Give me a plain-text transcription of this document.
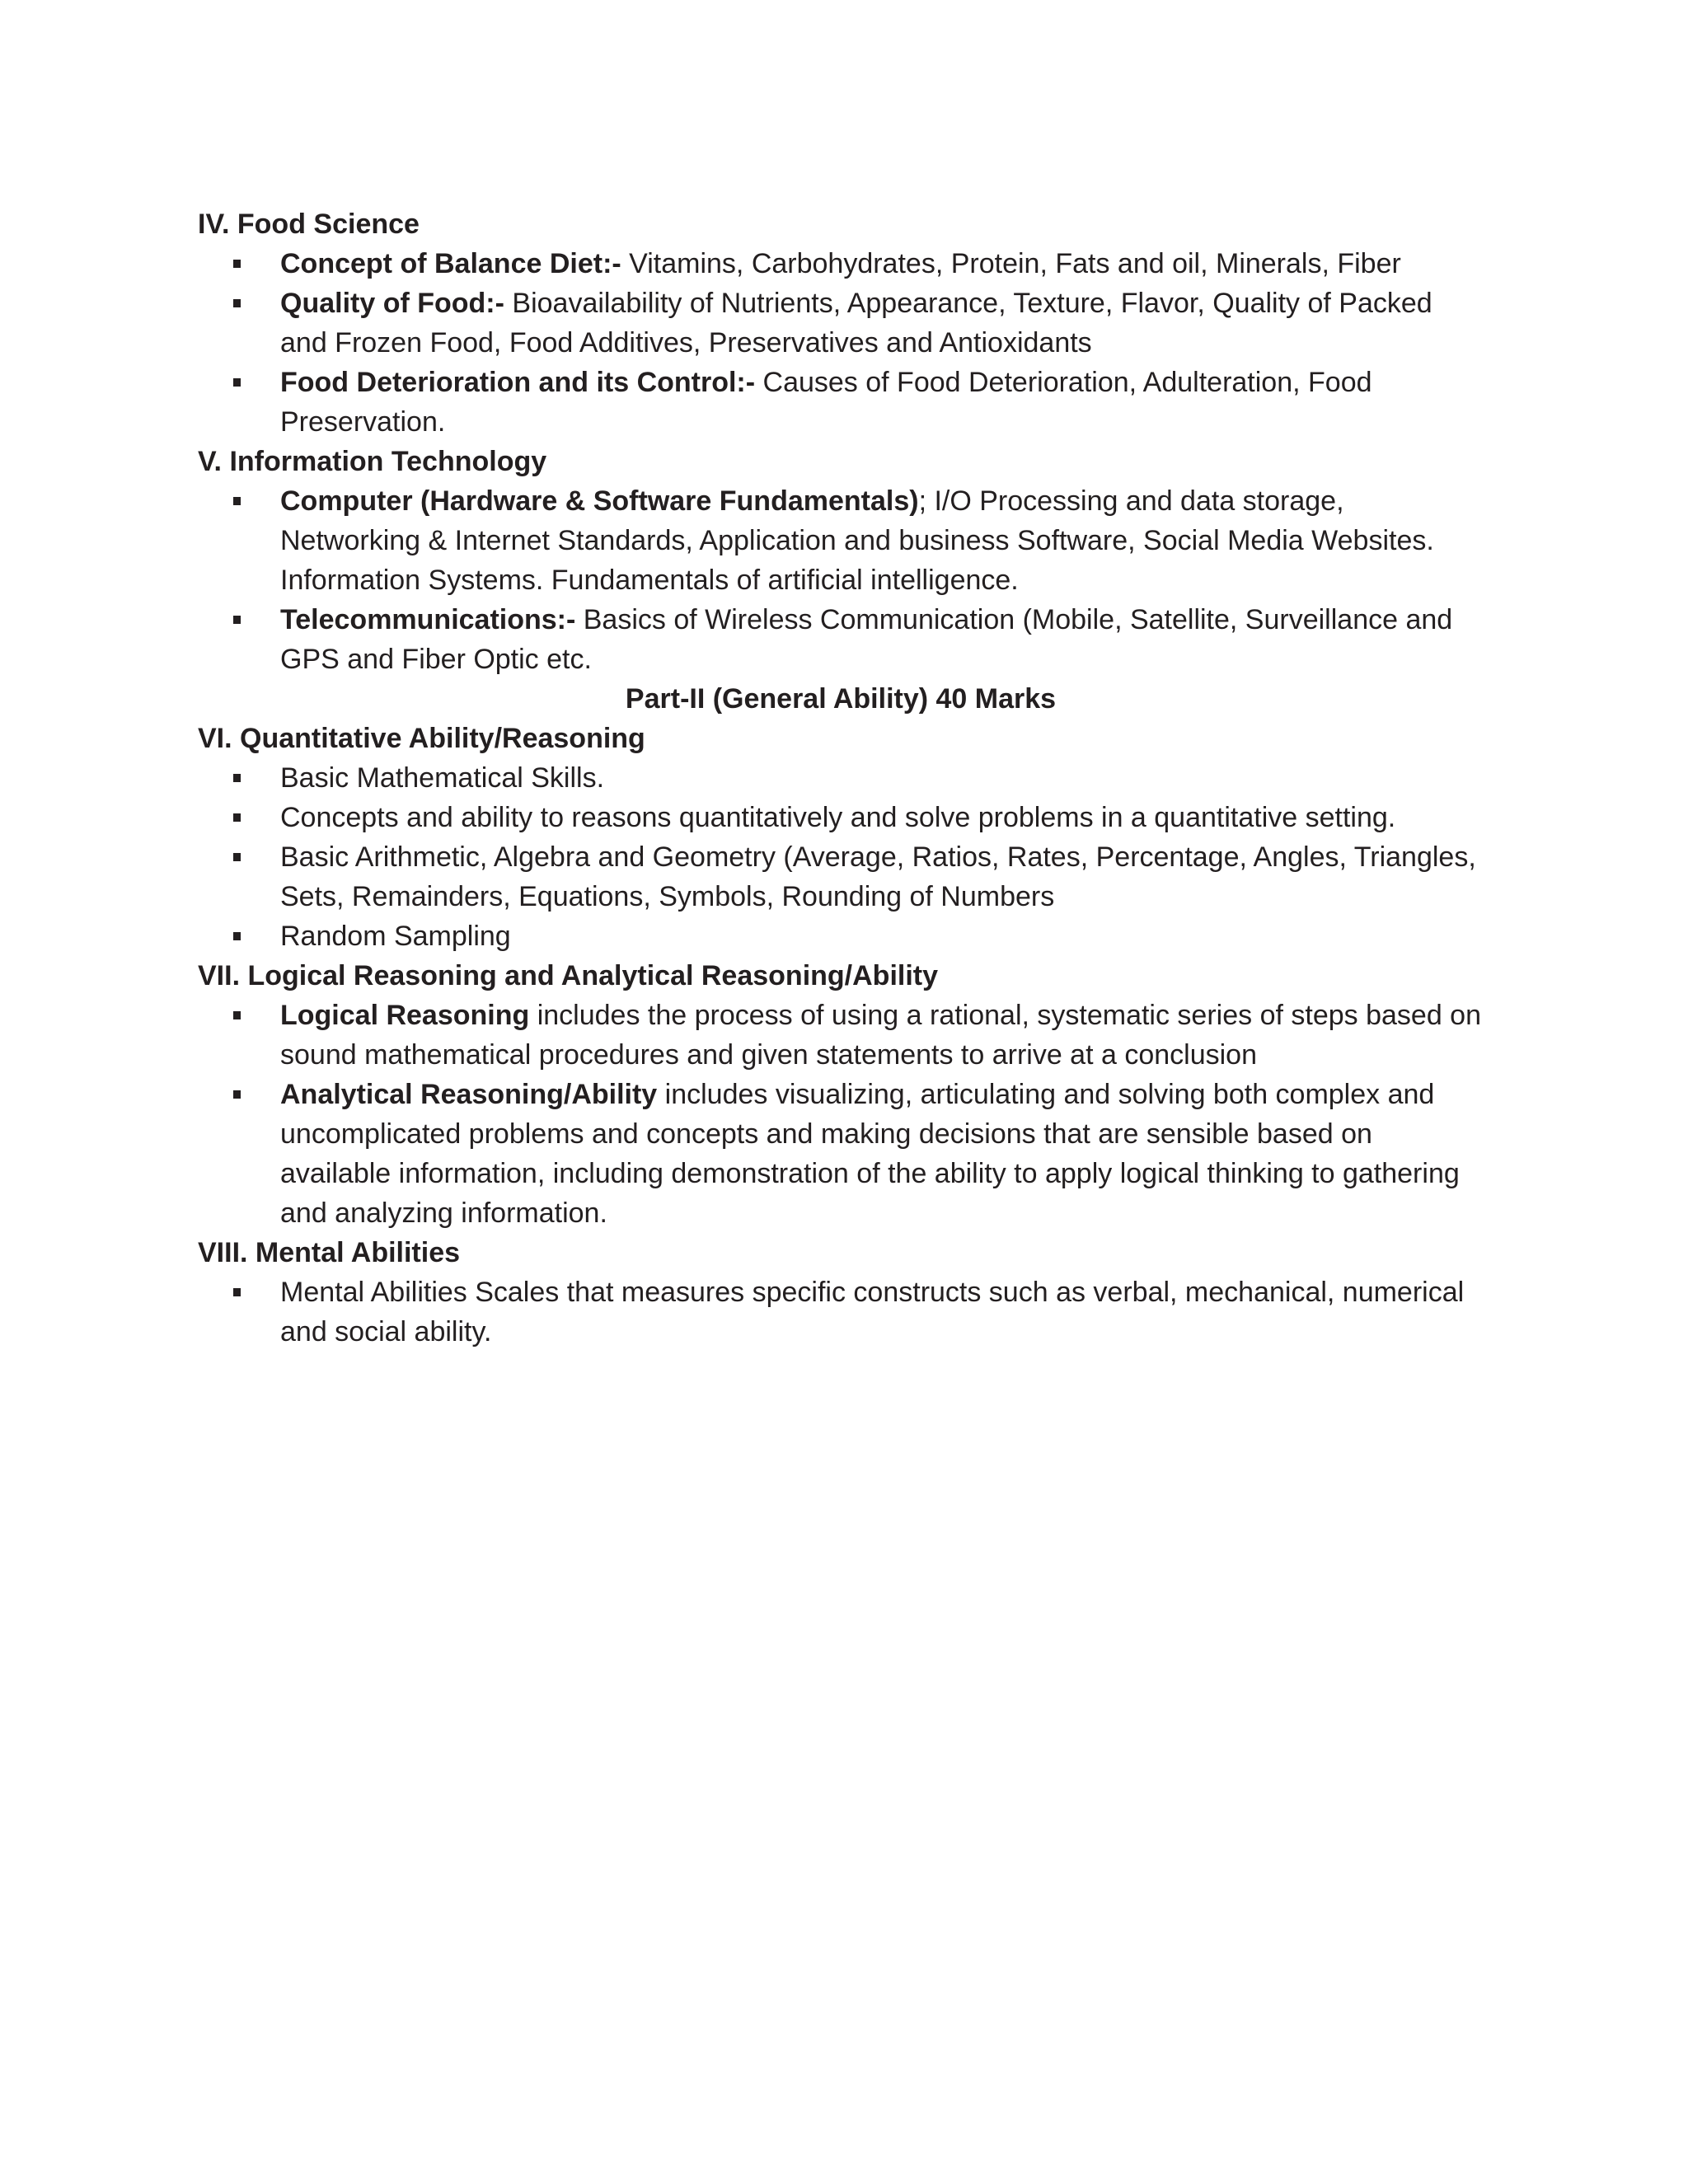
IV. Food Science

Concept of Balance Diet:- Vitamins, Carbohydrates, Protein, Fats and oil, Minerals, Fiber
Quality of Food:- Bioavailability of Nutrients, Appearance, Texture, Flavor, Quality of Packed and Frozen Food, Food Additives, Preservatives and Antioxidants
Food Deterioration and its Control:- Causes of Food Deterioration, Adulteration, Food Preservation.

V. Information Technology

Computer (Hardware & Software Fundamentals); I/O Processing and data storage, Networking & Internet Standards, Application and business Software, Social Media Websites. Information Systems. Fundamentals of artificial intelligence.
Telecommunications:- Basics of Wireless Communication (Mobile, Satellite, Surveillance and GPS and Fiber Optic etc.

Part-II (General Ability) 40 Marks

VI. Quantitative Ability/Reasoning

Basic Mathematical Skills.
Concepts and ability to reasons quantitatively and solve problems in a quantitative setting.
Basic Arithmetic, Algebra and Geometry (Average, Ratios, Rates, Percentage, Angles, Triangles, Sets, Remainders, Equations, Symbols, Rounding of Numbers
Random Sampling

VII. Logical Reasoning and Analytical Reasoning/Ability

Logical Reasoning includes the process of using a rational, systematic series of steps based on sound mathematical procedures and given statements to arrive at a conclusion
Analytical Reasoning/Ability includes visualizing, articulating and solving both complex and uncomplicated problems and concepts and making decisions that are sensible based on available information, including demonstration of the ability to apply logical thinking to gathering and analyzing information.

VIII. Mental Abilities

Mental Abilities Scales that measures specific constructs such as verbal, mechanical, numerical and social ability.
